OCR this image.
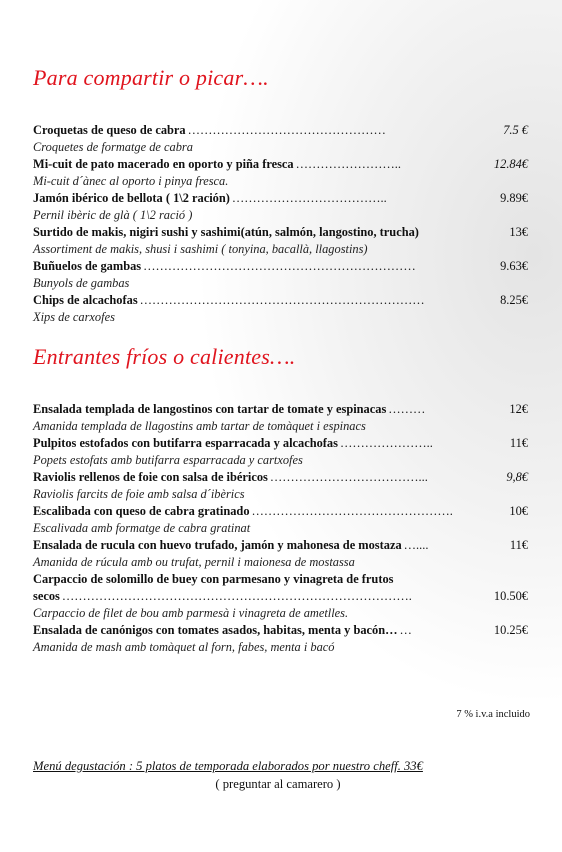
Para compartir o picar….
Croquetas de queso de cabra …………………………………………	7.5 €
Croquetes de formatge de cabra
Mi-cuit de pato macerado en oporto y piña fresca ……………………..	12.84€
Mi-cuit d´ànec al oporto i pinya fresca.
Jamón ibérico de bellota ( 1\2 ración) ………………………………..	9.89€
Pernil ibèric de glà ( 1\2 ració )
Surtido de makis, nigiri sushi y sashimi(atún, salmón, langostino, trucha)	13€
Assortiment de makis, shusi i sashimi ( tonyina, bacallà, llagostins)
Buñuelos de gambas …………………………………………………………	9.63€
Bunyols de gambas
Chips de alcachofas ……………………………………………………………	8.25€
Xips de carxofes
Entrantes fríos o calientes….
Ensalada templada de langostinos con tartar de tomate y espinacas ………	12€
Amanida templada de llagostins amb tartar de tomàquet i espinacs
Pulpitos estofados con butifarra esparracada y alcachofas …………………..	11€
Popets estofats amb butifarra esparracada y cartxofes
Raviolis rellenos de foie con salsa de ibéricos ………………………………...	9,8€
Raviolis farcits de foie amb salsa d´ibèrics
Escalibada con queso de cabra gratinado ………………………………………….	10€
Escalivada amb formatge de cabra gratinat
Ensalada de rucula con huevo trufado, jamón y mahonesa de mostaza …....	11€
Amanida de rúcula amb ou trufat, pernil i maionesa de mostassa
Carpaccio de solomillo de buey con parmesano y vinagreta de frutos
secos ………………………………………………………………………….	10.50€
Carpaccio de filet de bou amb parmesà i vinagreta de ametlles.
Ensalada de canónigos con tomates asados, habitas, menta y bacón… …	10.25€
Amanida de mash amb tomàquet al forn, fabes, menta i bacó
7 % i.v.a incluido
Menú degustación : 5 platos de temporada elaborados por nuestro cheff. 33€
( preguntar al camarero )
